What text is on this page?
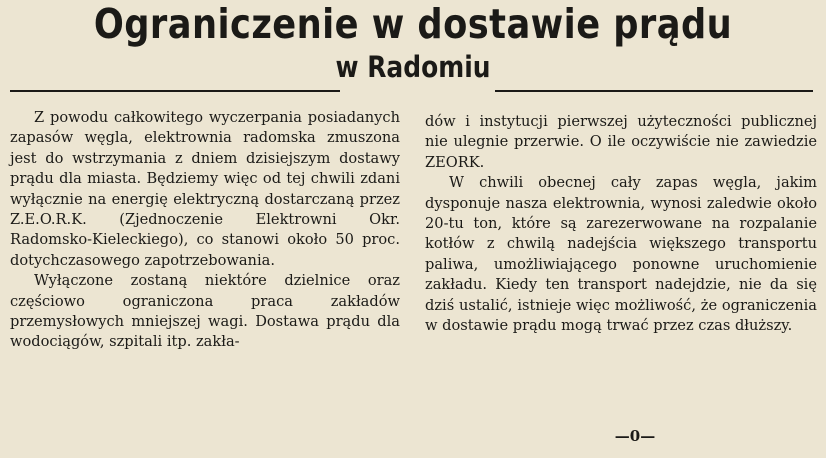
Ograniczenie w dostawie prądu
w Radomiu

Z powodu całkowitego wyczerpania posiadanych zapasów węgla, elektrownia radomska zmuszona jest do wstrzymania z dniem dzisiejszym dostawy prądu dla miasta. Będziemy więc od tej chwili zdani wyłącznie na energię elektryczną dostarczaną przez Z.E.O.R.K. (Zjednoczenie Elektrowni Okr. Radomsko-Kieleckiego), co stanowi około 50 proc. dotychczasowego zapotrzebowania.

Wyłączone zostaną niektóre dzielnice oraz częściowo ograniczona praca zakładów przemysłowych mniejszej wagi. Dostawa prądu dla wodociągów, szpitali itp. zakła-

dów i instytucji pierwszej użyteczności publicznej nie ulegnie przerwie. O ile oczywiście nie zawiedzie ZEORK.

W chwili obecnej cały zapas węgla, jakim dysponuje nasza elektrownia, wynosi zaledwie około 20-tu ton, które są zarezerwowane na rozpalanie kotłów z chwilą nadejścia większego transportu paliwa, umożliwiającego ponowne uruchomienie zakładu. Kiedy ten transport nadejdzie, nie da się dziś ustalić, istnieje więc możliwość, że ograniczenia w dostawie prądu mogą trwać przez czas dłuższy.

—0—
